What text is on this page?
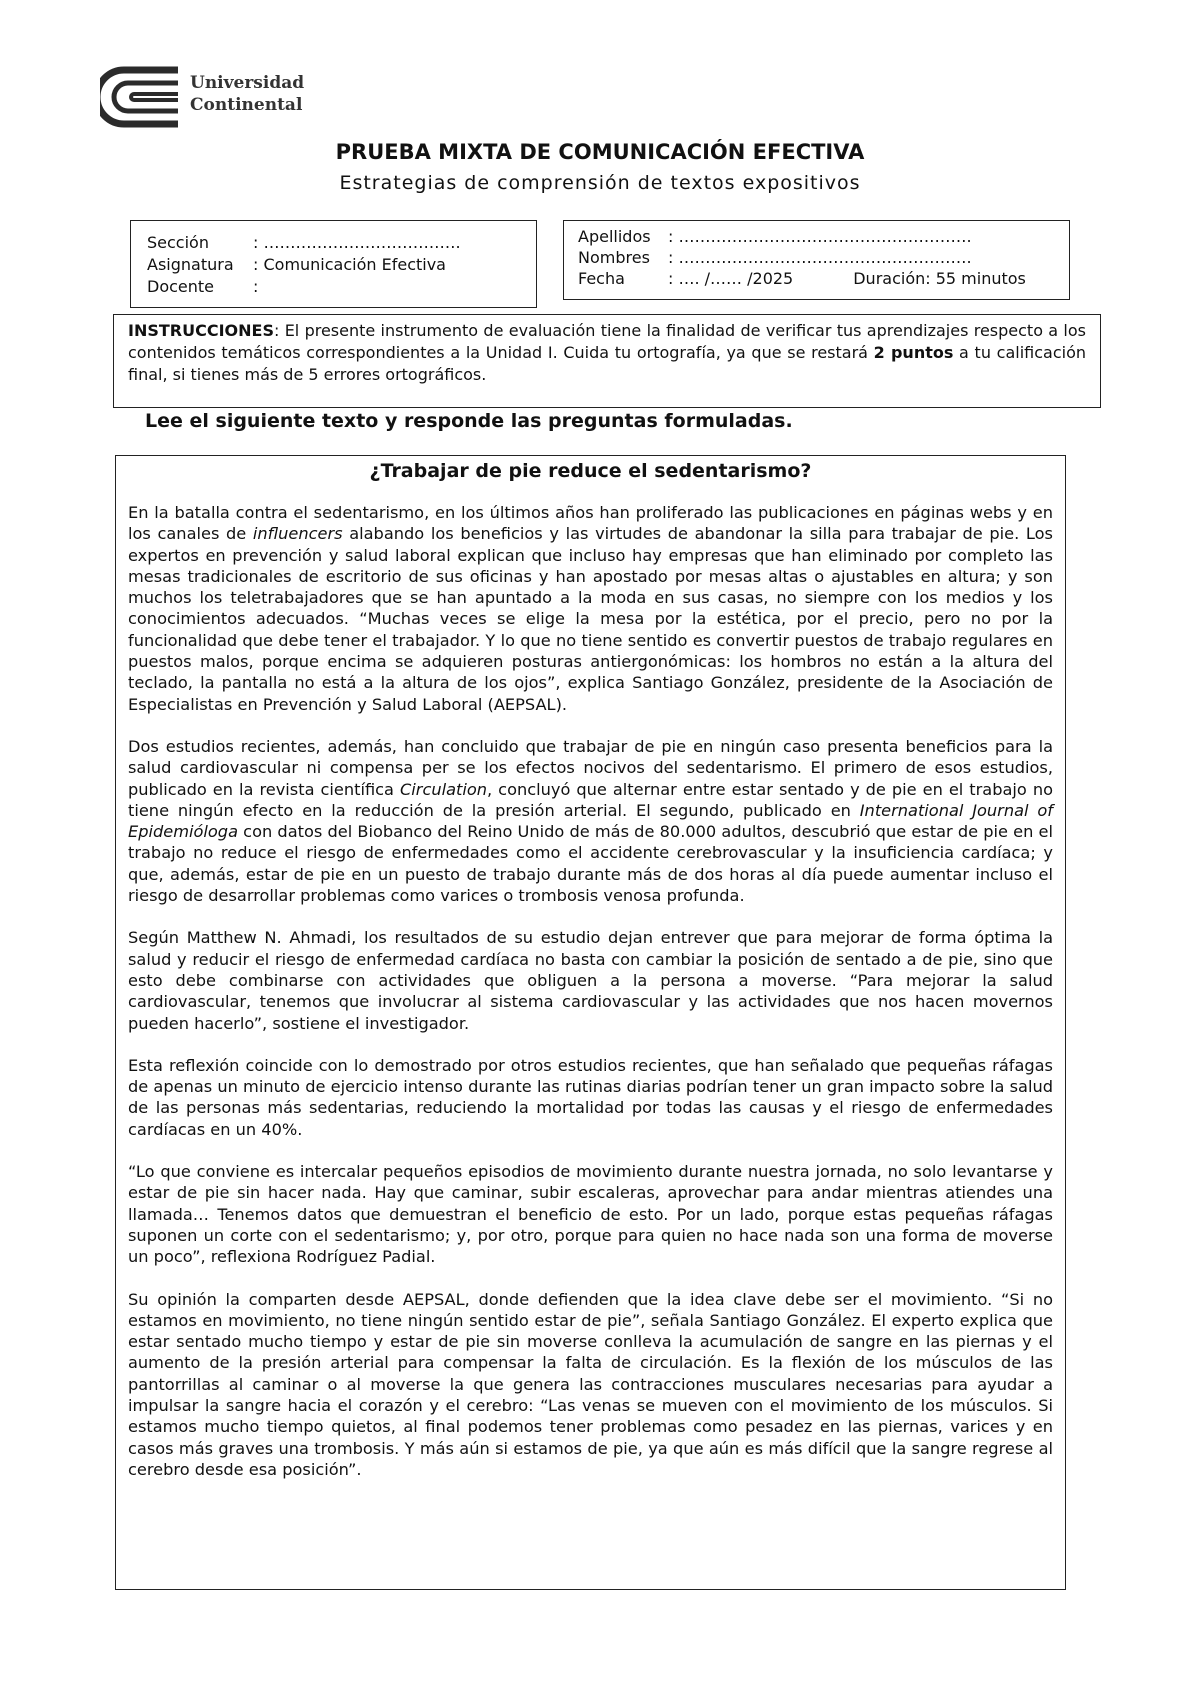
Universidad
Continental
PRUEBA MIXTA DE COMUNICACIÓN EFECTIVA
Estrategias de comprensión de textos expositivos
Sección	: ……………………………….
Asignatura : Comunicación Efectiva
Docente :
Apellidos : ……………………………………………….
Nombres : ……………………………………………….
Fecha	: …. /…… /2025	Duración: 55 minutos
INSTRUCCIONES: El presente instrumento de evaluación tiene la finalidad de verificar tus aprendizajes respecto a los contenidos temáticos correspondientes a la Unidad I. Cuida tu ortografía, ya que se restará 2 puntos a tu calificación final, si tienes más de 5 errores ortográficos.
Lee el siguiente texto y responde las preguntas formuladas.
¿Trabajar de pie reduce el sedentarismo?

En la batalla contra el sedentarismo, en los últimos años han proliferado las publicaciones en páginas webs y en los canales de influencers alabando los beneficios y las virtudes de abandonar la silla para trabajar de pie. Los expertos en prevención y salud laboral explican que incluso hay empresas que han eliminado por completo las mesas tradicionales de escritorio de sus oficinas y han apostado por mesas altas o ajustables en altura; y son muchos los teletrabajadores que se han apuntado a la moda en sus casas, no siempre con los medios y los conocimientos adecuados. “Muchas veces se elige la mesa por la estética, por el precio, pero no por la funcionalidad que debe tener el trabajador. Y lo que no tiene sentido es convertir puestos de trabajo regulares en puestos malos, porque encima se adquieren posturas antiergonómicas: los hombros no están a la altura del teclado, la pantalla no está a la altura de los ojos”, explica Santiago González, presidente de la Asociación de Especialistas en Prevención y Salud Laboral (AEPSAL).

Dos estudios recientes, además, han concluido que trabajar de pie en ningún caso presenta beneficios para la salud cardiovascular ni compensa per se los efectos nocivos del sedentarismo. El primero de esos estudios, publicado en la revista científica Circulation, concluyó que alternar entre estar sentado y de pie en el trabajo no tiene ningún efecto en la reducción de la presión arterial. El segundo, publicado en International Journal of Epidemióloga con datos del Biobanco del Reino Unido de más de 80.000 adultos, descubrió que estar de pie en el trabajo no reduce el riesgo de enfermedades como el accidente cerebrovascular y la insuficiencia cardíaca; y que, además, estar de pie en un puesto de trabajo durante más de dos horas al día puede aumentar incluso el riesgo de desarrollar problemas como varices o trombosis venosa profunda.

Según Matthew N. Ahmadi, los resultados de su estudio dejan entrever que para mejorar de forma óptima la salud y reducir el riesgo de enfermedad cardíaca no basta con cambiar la posición de sentado a de pie, sino que esto debe combinarse con actividades que obliguen a la persona a moverse. “Para mejorar la salud cardiovascular, tenemos que involucrar al sistema cardiovascular y las actividades que nos hacen movernos pueden hacerlo”, sostiene el investigador.

Esta reflexión coincide con lo demostrado por otros estudios recientes, que han señalado que pequeñas ráfagas de apenas un minuto de ejercicio intenso durante las rutinas diarias podrían tener un gran impacto sobre la salud de las personas más sedentarias, reduciendo la mortalidad por todas las causas y el riesgo de enfermedades cardíacas en un 40%.

“Lo que conviene es intercalar pequeños episodios de movimiento durante nuestra jornada, no solo levantarse y estar de pie sin hacer nada. Hay que caminar, subir escaleras, aprovechar para andar mientras atiendes una llamada… Tenemos datos que demuestran el beneficio de esto. Por un lado, porque estas pequeñas ráfagas suponen un corte con el sedentarismo; y, por otro, porque para quien no hace nada son una forma de moverse un poco”, reflexiona Rodríguez Padial.

Su opinión la comparten desde AEPSAL, donde defienden que la idea clave debe ser el movimiento. “Si no estamos en movimiento, no tiene ningún sentido estar de pie”, señala Santiago González. El experto explica que estar sentado mucho tiempo y estar de pie sin moverse conlleva la acumulación de sangre en las piernas y el aumento de la presión arterial para compensar la falta de circulación. Es la flexión de los músculos de las pantorrillas al caminar o al moverse la que genera las contracciones musculares necesarias para ayudar a impulsar la sangre hacia el corazón y el cerebro: “Las venas se mueven con el movimiento de los músculos. Si estamos mucho tiempo quietos, al final podemos tener problemas como pesadez en las piernas, varices y en casos más graves una trombosis. Y más aún si estamos de pie, ya que aún es más difícil que la sangre regrese al cerebro desde esa posición”.
